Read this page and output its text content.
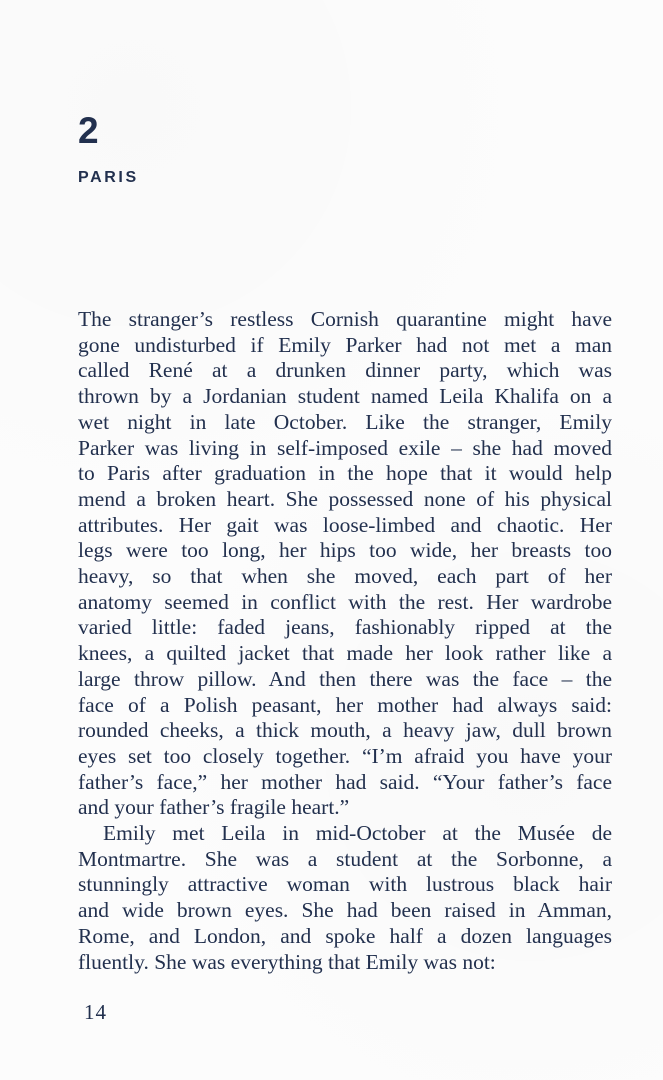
2
PARIS
The stranger’s restless Cornish quarantine might have
gone undisturbed if Emily Parker had not met a man
called René at a drunken dinner party, which was
thrown by a Jordanian student named Leila Khalifa on a
wet night in late October. Like the stranger, Emily
Parker was living in self-imposed exile – she had moved
to Paris after graduation in the hope that it would help
mend a broken heart. She possessed none of his physical
attributes. Her gait was loose-limbed and chaotic. Her
legs were too long, her hips too wide, her breasts too
heavy, so that when she moved, each part of her
anatomy seemed in conflict with the rest. Her wardrobe
varied little: faded jeans, fashionably ripped at the
knees, a quilted jacket that made her look rather like a
large throw pillow. And then there was the face – the
face of a Polish peasant, her mother had always said:
rounded cheeks, a thick mouth, a heavy jaw, dull brown
eyes set too closely together. “I’m afraid you have your
father’s face,” her mother had said. “Your father’s face
and your father’s fragile heart.”
Emily met Leila in mid-October at the Musée de
Montmartre. She was a student at the Sorbonne, a
stunningly attractive woman with lustrous black hair
and wide brown eyes. She had been raised in Amman,
Rome, and London, and spoke half a dozen languages
fluently. She was everything that Emily was not:
14
